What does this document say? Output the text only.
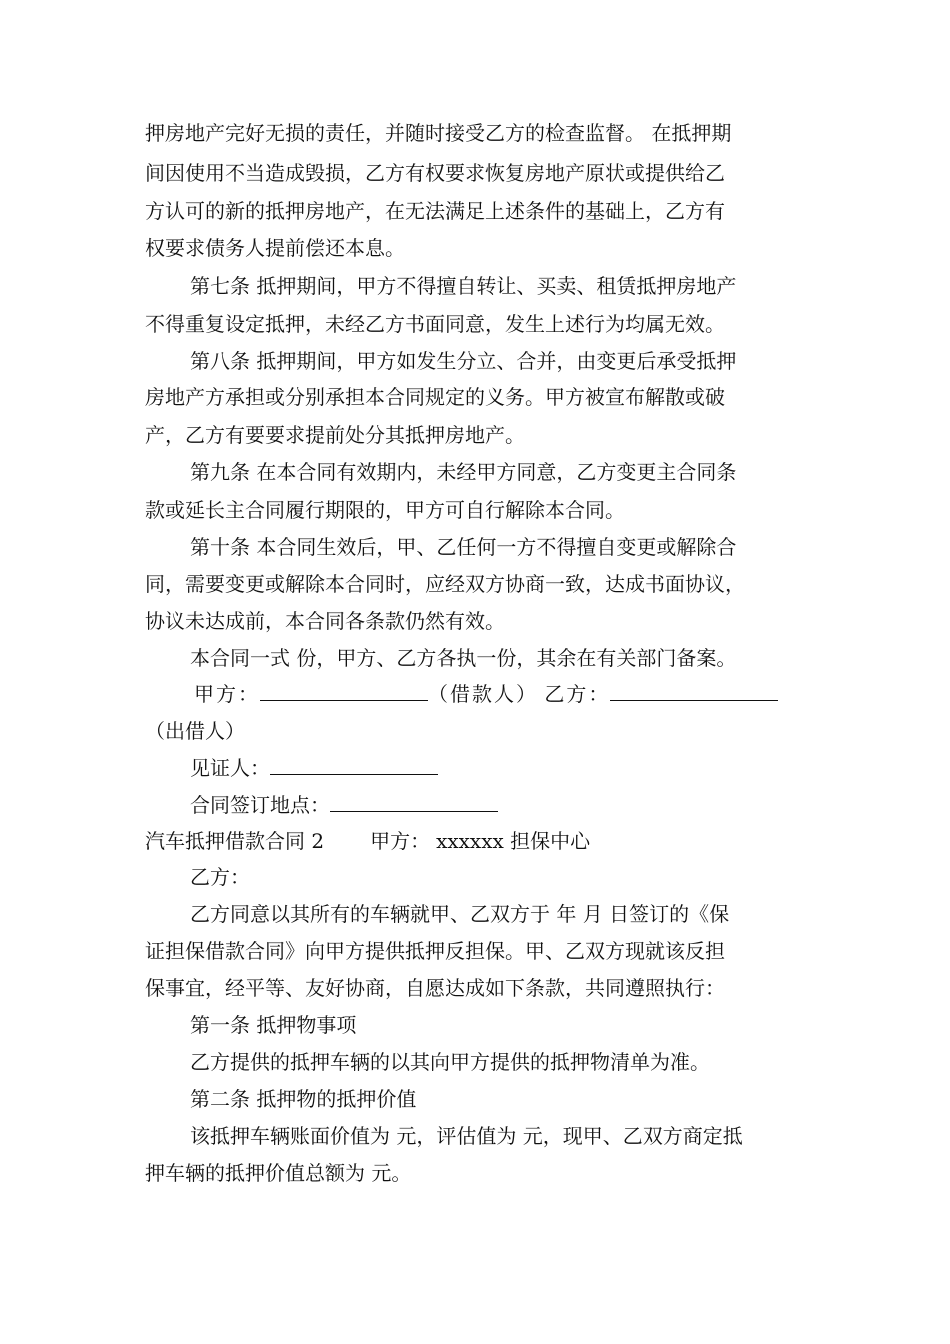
押房地产完好无损的责任，并随时接受乙方的检查监督。 在抵押期
间因使用不当造成毁损，乙方有权要求恢复房地产原状或提供给乙
方认可的新的抵押房地产，在无法满足上述条件的基础上，乙方有
权要求债务人提前偿还本息。
第七条 抵押期间，甲方不得擅自转让、买卖、租赁抵押房地产
不得重复设定抵押，未经乙方书面同意，发生上述行为均属无效。
第八条 抵押期间，甲方如发生分立、合并，由变更后承受抵押
房地产方承担或分别承担本合同规定的义务。甲方被宣布解散或破
产，乙方有要要求提前处分其抵押房地产。
第九条 在本合同有效期内，未经甲方同意，乙方变更主合同条
款或延长主合同履行期限的，甲方可自行解除本合同。
第十条 本合同生效后，甲、乙任何一方不得擅自变更或解除合
同，需要变更或解除本合同时，应经双方协商一致，达成书面协议，
协议未达成前，本合同各条款仍然有效。
本合同一式 份，甲方、乙方各执一份，其余在有关部门备案。
甲方：	（借款人） 乙方：
（出借人）
见证人：
合同签订地点：
汽车抵押借款合同 2 甲方： xxxxxx 担保中心
乙方：
乙方同意以其所有的车辆就甲、乙双方于 年 月 日签订的《保
证担保借款合同》向甲方提供抵押反担保。甲、乙双方现就该反担
保事宜，经平等、友好协商，自愿达成如下条款，共同遵照执行：
第一条 抵押物事项
乙方提供的抵押车辆的以其向甲方提供的抵押物清单为准。
第二条 抵押物的抵押价值
该抵押车辆账面价值为 元，评估值为 元，现甲、乙双方商定抵
押车辆的抵押价值总额为 元。
